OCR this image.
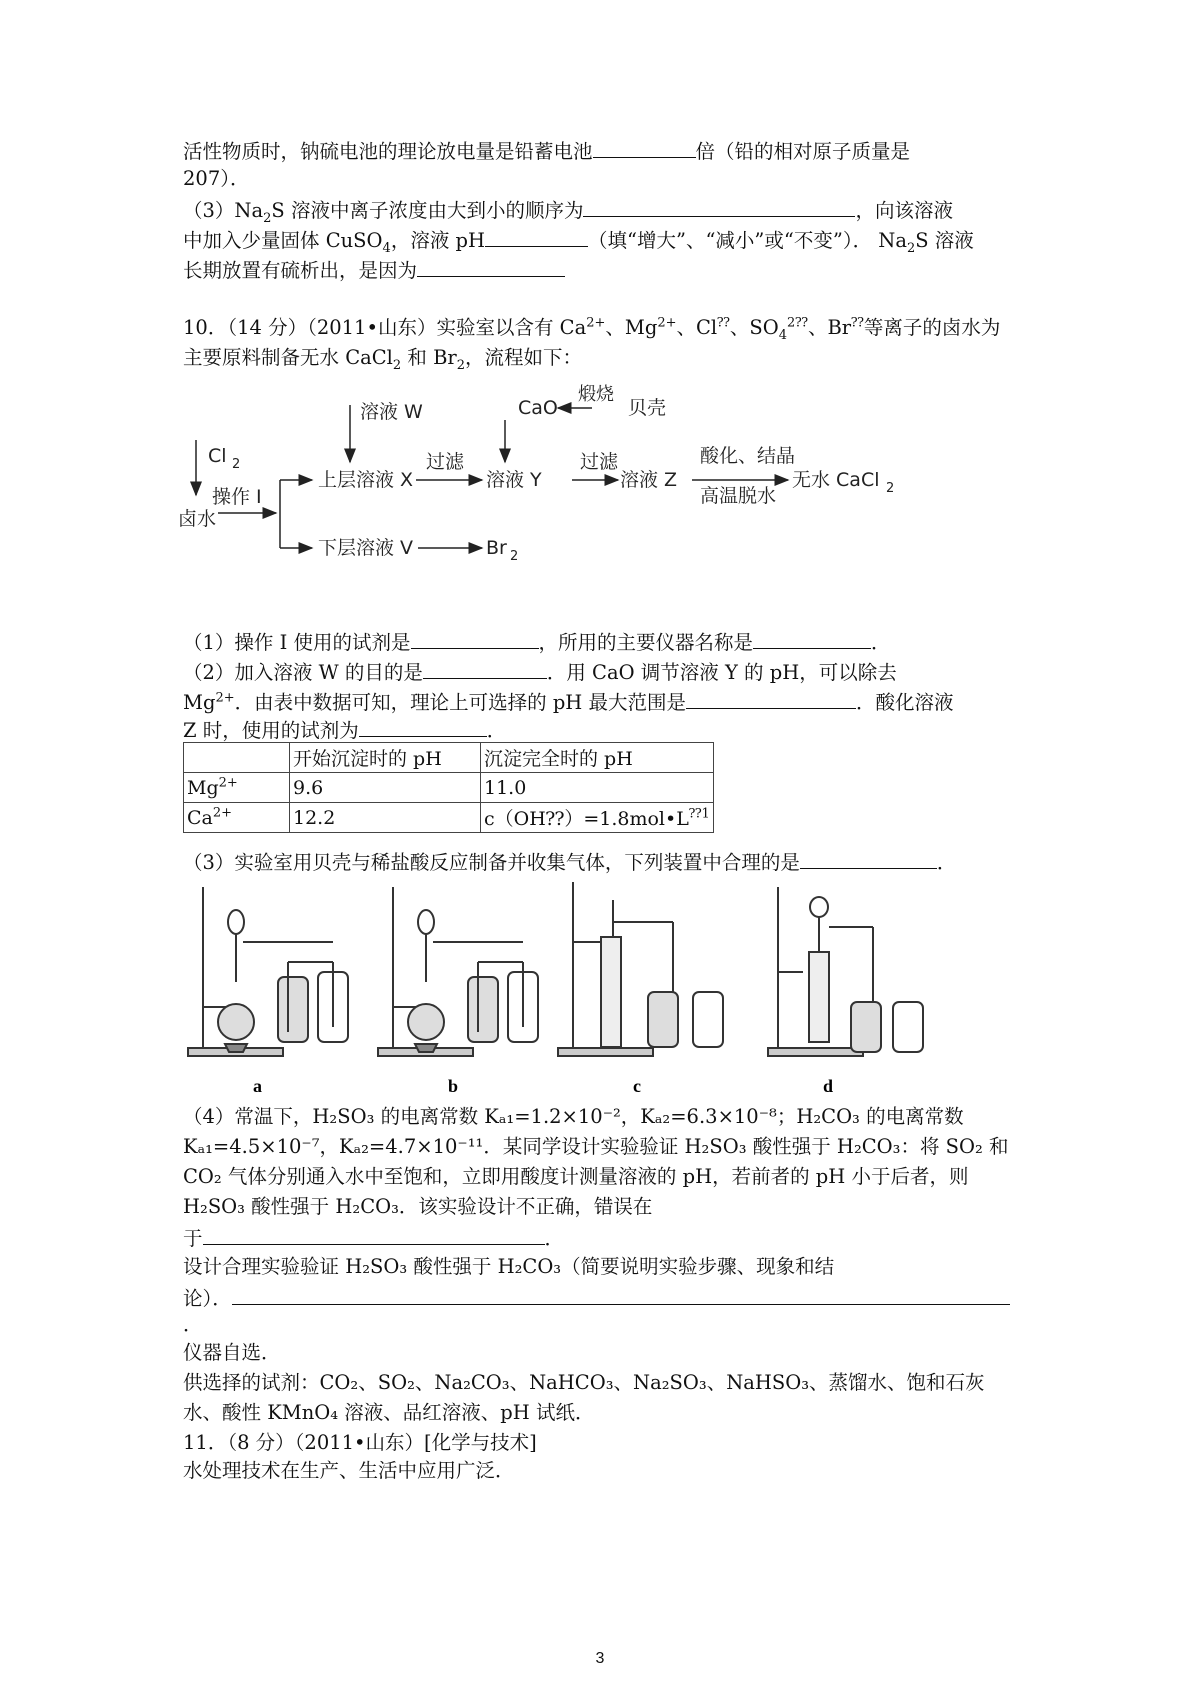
活性物质时，钠硫电池的理论放电量是铅蓄电池	倍（铅的相对原子质量是
207）．
$(3)Na_2S$ 溶液中离子浓度由大到小的顺序为	，向该溶液
中加入少量固体 CuSO$_4$，溶液 pH	（填“增大”、“减小”或“不变”）． $Na_2S$ 溶液
长期放置有硫析出，是因为
10．（14 分）（2011•山东）实验室以含有 $Ca^{2+}$、$Mg^{2+}$、Cl⁇、$SO_4^{2⁇}$、Br⁇等离子的卤水为
主要原料制备无水 CaCl$_2$ 和 $Br_2$，流程如下：
Cl 2
卤水
操作 I
溶液 W
上层溶液 X
过滤
CaO
煅烧
贝壳
溶液 Y
过滤
溶液 Z
酸化、结晶
高温脱水
无水 CaCl 2
下层溶液 V	Br 2
（1）操作 I 使用的试剂是	，所用的主要仪器名称是	．
（2）加入溶液 W 的目的是	．用 CaO 调节溶液 Y 的 pH，可以除去
$Mg^{2+}$．由表中数据可知，理论上可选择的 pH 最大范围是	．酸化溶液
Z 时，使用的试剂为	．
	开始沉淀时的 pH	沉淀完全时的 pH
$Mg^{2+}$	9.6	11.0
$Ca^{2+}$	12.2	$c(OH⁇)=1.8mol•L^{⁇1}$
（3）实验室用贝壳与稀盐酸反应制备并收集气体，下列装置中合理的是	．
a	b	c	d
（4）常温下，H₂SO₃ 的电离常数 Kₐ₁=1.2×10⁻²，Kₐ₂=6.3×10⁻⁸；H₂CO₃ 的电离常数
Kₐ₁=4.5×10⁻⁷，Kₐ₂=4.7×10⁻¹¹．某同学设计实验验证 H₂SO₃ 酸性强于 H₂CO₃：将 SO₂ 和
CO₂ 气体分别通入水中至饱和，立即用酸度计测量溶液的 pH，若前者的 pH 小于后者，则
H₂SO₃ 酸性强于 H₂CO₃．该实验设计不正确，错误在
于	．
设计合理实验验证 H₂SO₃ 酸性强于 H₂CO₃（简要说明实验步骤、现象和结
论）．
．
仪器自选．
供选择的试剂：CO₂、SO₂、Na₂CO₃、NaHCO₃、Na₂SO₃、NaHSO₃、蒸馏水、饱和石灰
水、酸性 KMnO₄ 溶液、品红溶液、pH 试纸．
11．（8 分）（2011•山东）[化学与技术]
水处理技术在生产、生活中应用广泛．
3
